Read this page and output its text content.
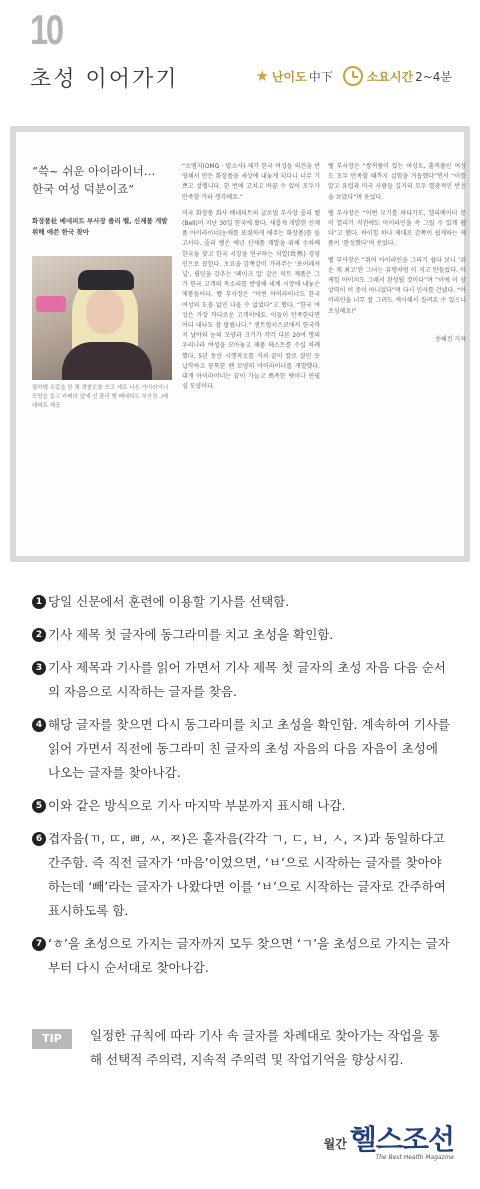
10
초성 이어가기	★ 난이도 中下	소요시간 2~4분
“쓱~ 쉬운 아이라이너…
한국 여성 덕분이죠”
화장품社 베네피트 부사장 줄리 벨, 신제품 개발 위해 애쓴 한국 찾아
필하벨 수갑을 한 채 경찰모를 쓰고 세로 나온 아이라이너 모양을 들고 카메라 앞에 선 줄리 벨 베네피트 부사장. /베네피트 제공

“오엠지(OMG · 맙소사) 제가 한국 여성들 의견을 반영해서 만든 화장품을 세상에 내놓게 되다니 너무 기쁘고 설렙니다. 한 번에 고치고 바꿀 수 있어 모두가 만족할 거라 생각해요.”

미국 화장품 회사 베네피트의 글로벌 부사장 줄리 벨(Bell)이 지난 30일 한국에 왔다. 새롭게 개발한 신제품 아이라이너(눈매를 또렷하게 해주는 화장품)를 들고서다. 줄리 벨은 예년 신제품 개발을 위해 수차례 한국을 찾고 한국 시장을 연구하는 치열(致熱) 경영인으로 꼽힌다. 오묘을 감쪽같이 가려주는 ‘포어페셔널’, 립틴을 감추는 ‘페이크 업’ 같은 히트 제품은 그가 한국 고객의 목소리를 반영해 세계 시장에 내놓은 제품들이다. 벨 부사장은 “이번 아이라이너도 한국 여성의 도움 없인 나올 수 없었다”고 했다. “한국 여성은 가장 까다로운 고객이에요. 이들이 만족한다면 어디 내놔도 잘 팔립니다.” 센트럴시스코에서 한국까지 날아와 눈의 모양과 크기가 각각 다른 20여 명의 우리나라 여성을 모아놓고 제품 테스트를 수십 차례 했다. 5년 동안 시행착오를 거쳐 끝이 칼로 잘린 듯 납작하고 뭉툭한 펜 모양의 아이라이너를 개발했다. 대개 아이라이너는 끝이 가늘고 뾰족한 펫이나 연필심 모양이다.

벨 부사장은 “쌍꺼풀이 있는 여성도, 홑꺼풀인 여성도 모두 만족할 때까지 실험을 거듭했다”면서 “이를 알고 유럽과 미국 사람들 길거리 모두 열광적인 반응을 보였다”며 웃었다.

벨 부사장은 “이번 모기를 하다가도, 엘리베이터 문이 열리기 직전에도 아이라인을 쓱 그릴 수 있게 됐다”고 했다. 하이힐 하나 제대로 감쪽이 쉽게하는 제품이 ‘완성했다’며 웃었다.

벨 부사장은 “쥐어 아이라인을 그리기 쉽다 보니 ‘쉬운 게 최고’란 그녀는 유행처럼 이 지고 만들었다. 아케일 아이치도 그래서 완성될 것이다”며 “이에 이 상상력이 이 중이 아니었다”며 다시 인사를 건넸다. “아이라인을 너무 잘 그려도 섹시해서 질려요 수 있으니 조심해요!”

송혜진 기자
1 당일 신문에서 훈련에 이용할 기사를 선택함.
2 기사 제목 첫 글자에 동그라미를 치고 초성을 확인함.
3 기사 제목과 기사를 읽어 가면서 기사 제목 첫 글자의 초성 자음 다음 순서의 자음으로 시작하는 글자를 찾음.
4 해당 글자를 찾으면 다시 동그라미를 치고 초성을 확인함. 계속하여 기사를 읽어 가면서 직전에 동그라미 친 글자의 초성 자음의 다음 자음이 초성에 나오는 글자를 찾아나감.
5 이와 같은 방식으로 기사 마지막 부분까지 표시해 나감.
6 겹자음(ㄲ, ㄸ, ㅃ, ㅆ, ㅉ)은 홑자음(각각 ㄱ, ㄷ, ㅂ, ㅅ, ㅈ)과 동일하다고 간주함. 즉 직전 글자가 ‘마음’이었으면, ‘ㅂ’으로 시작하는 글자를 찾아야 하는데 ‘빼’라는 글자가 나왔다면 이를 ‘ㅂ’으로 시작하는 글자로 간주하여 표시하도록 함.
7 ‘ㅎ’을 초성으로 가지는 글자까지 모두 찾으면 ‘ㄱ’을 초성으로 가지는 글자부터 다시 순서대로 찾아나감.
TIP	일정한 규칙에 따라 기사 속 글자를 차례대로 찾아가는 작업을 통해 선택적 주의력, 지속적 주의력 및 작업기억을 향상시킴.
월간 헬스조선
The Best Health Magazine
